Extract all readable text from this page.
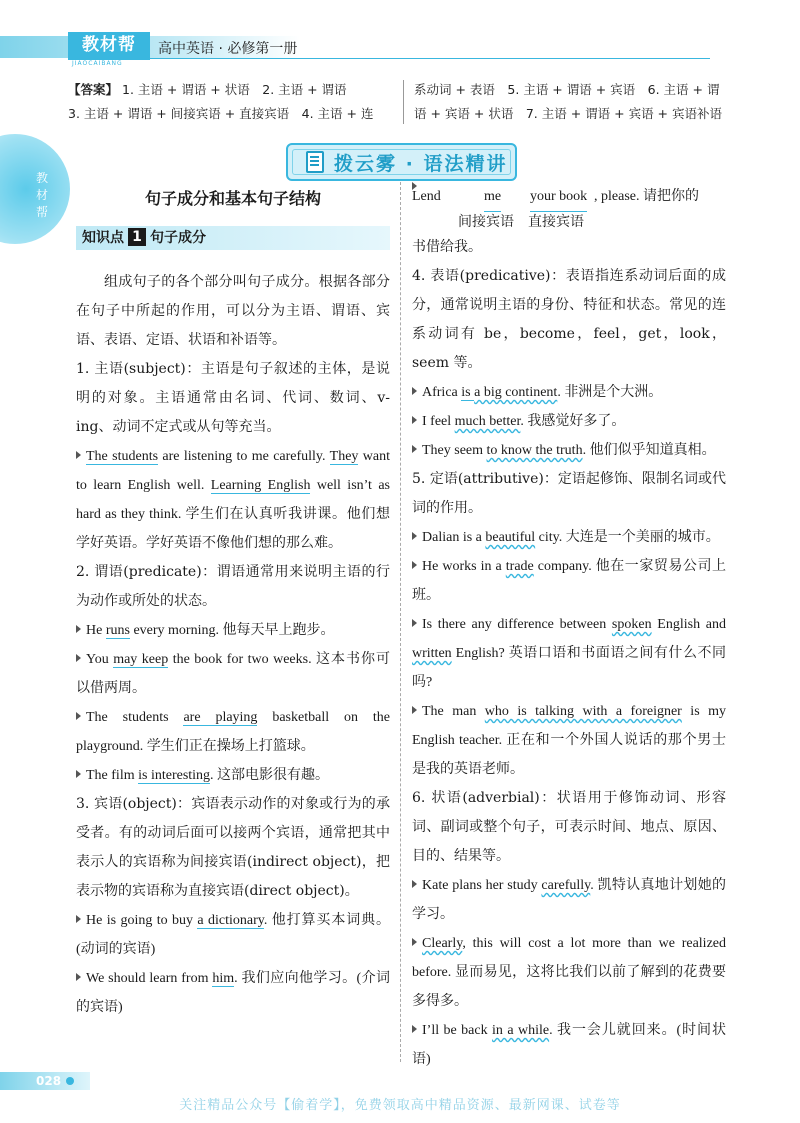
教材帮
JIAOCAIBANG
高中英语 · 必修第一册
【答案】 1. 主语 + 谓语 + 状语　2. 主语 + 谓语
3. 主语 + 谓语 + 间接宾语 + 直接宾语　4. 主语 + 连
系动词 + 表语　5. 主语 + 谓语 + 宾语　6. 主语 + 谓
语 + 宾语 + 状语　7. 主语 + 谓语 + 宾语 + 宾语补语
教材帮
拨云雾 · 语法精讲
句子成分和基本句子结构
知识点 1 句子成分

组成句子的各个部分叫句子成分。根据各部分在句子中所起的作用，可以分为主语、谓语、宾语、表语、定语、状语和补语等。

1. 主语(subject)：主语是句子叙述的主体，是说明的对象。主语通常由名词、代词、数词、v-ing、动词不定式或从句等充当。

The students are listening to me carefully. They want to learn English well. Learning English well isn’t as hard as they think. 学生们在认真听我讲课。他们想学好英语。学好英语不像他们想的那么难。

2. 谓语(predicate)：谓语通常用来说明主语的行为动作或所处的状态。

He runs every morning. 他每天早上跑步。

You may keep the book for two weeks. 这本书你可以借两周。

The students are playing basketball on the playground. 学生们正在操场上打篮球。

The film is interesting. 这部电影很有趣。

3. 宾语(object)：宾语表示动作的对象或行为的承受者。有的动词后面可以接两个宾语，通常把其中表示人的宾语称为间接宾语(indirect object)，把表示物的宾语称为直接宾语(direct object)。

He is going to buy a dictionary. 他打算买本词典。(动词的宾语)

We should learn from him. 我们应向他学习。(介词的宾语)

Lend	me your book , please. 请把你的
间接宾语 直接宾语

书借给我。

4. 表语(predicative)：表语指连系动词后面的成分，通常说明主语的身份、特征和状态。常见的连系动词有 be，become，feel，get，look，seem 等。

Africa is a big continent. 非洲是个大洲。

I feel much better. 我感觉好多了。

They seem to know the truth. 他们似乎知道真相。

5. 定语(attributive)：定语起修饰、限制名词或代词的作用。

Dalian is a beautiful city. 大连是一个美丽的城市。

He works in a trade company. 他在一家贸易公司上班。

Is there any difference between spoken English and written English? 英语口语和书面语之间有什么不同吗?

The man who is talking with a foreigner is my English teacher. 正在和一个外国人说话的那个男士是我的英语老师。

6. 状语(adverbial)：状语用于修饰动词、形容词、副词或整个句子，可表示时间、地点、原因、目的、结果等。

Kate plans her study carefully. 凯特认真地计划她的学习。

Clearly, this will cost a lot more than we realized before. 显而易见，这将比我们以前了解到的花费要多得多。

I’ll be back in a while. 我一会儿就回来。(时间状语)

028
关注精品公众号【偷着学】，免费领取高中精品资源、最新网课、试卷等
